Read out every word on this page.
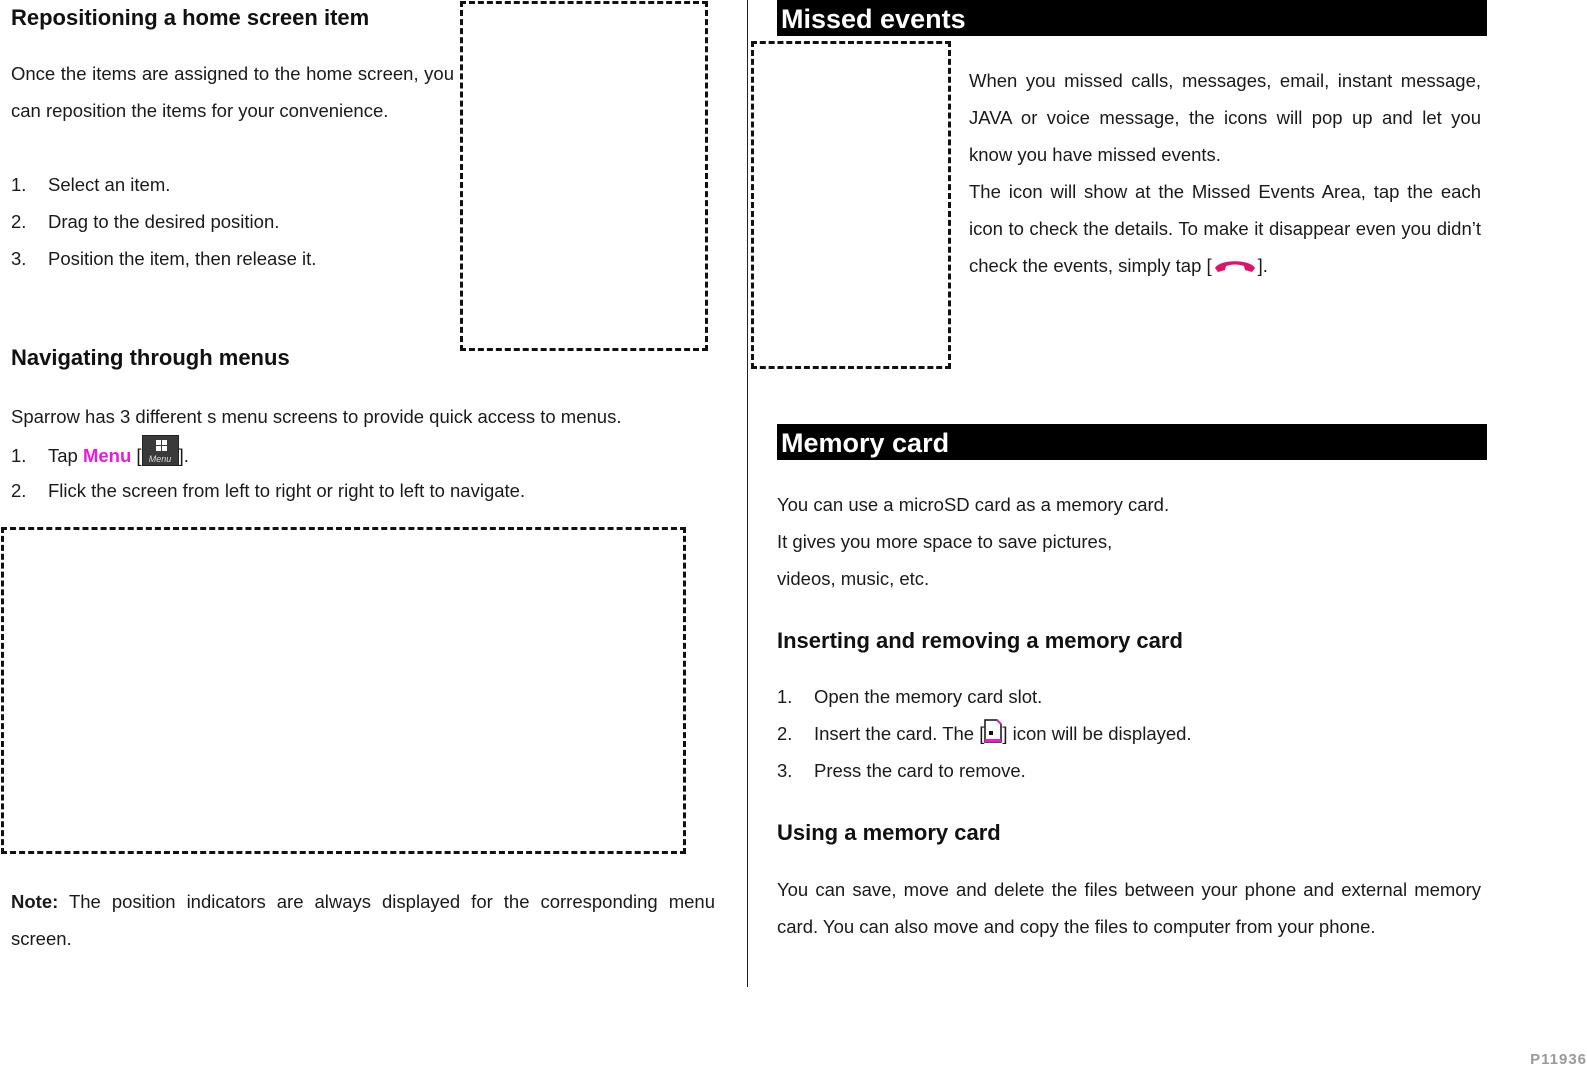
Repositioning a home screen item
Once the items are assigned to the home screen, you can reposition the items for your convenience.
1. Select an item.
2. Drag to the desired position.
3. Position the item, then release it.
Navigating through menus
Sparrow has 3 different s menu screens to provide quick access to menus.
1. Tap Menu [ Menu ].
2. Flick the screen from left to right or right to left to navigate.
Note: The position indicators are always displayed for the corresponding menu screen.
Missed events
When you missed calls, messages, email, instant message, JAVA or voice message, the icons will pop up and let you know you have missed events.
The icon will show at the Missed Events Area, tap the each icon to check the details. To make it disappear even you didn’t check the events, simply tap [ ].
Memory card
You can use a microSD card as a memory card.
It gives you more space to save pictures,
videos, music, etc.
Inserting and removing a memory card
1. Open the memory card slot.
2. Insert the card. The [ ] icon will be displayed.
3. Press the card to remove.
Using a memory card
You can save, move and delete the files between your phone and external memory card. You can also move and copy the files to computer from your phone.
P11936
